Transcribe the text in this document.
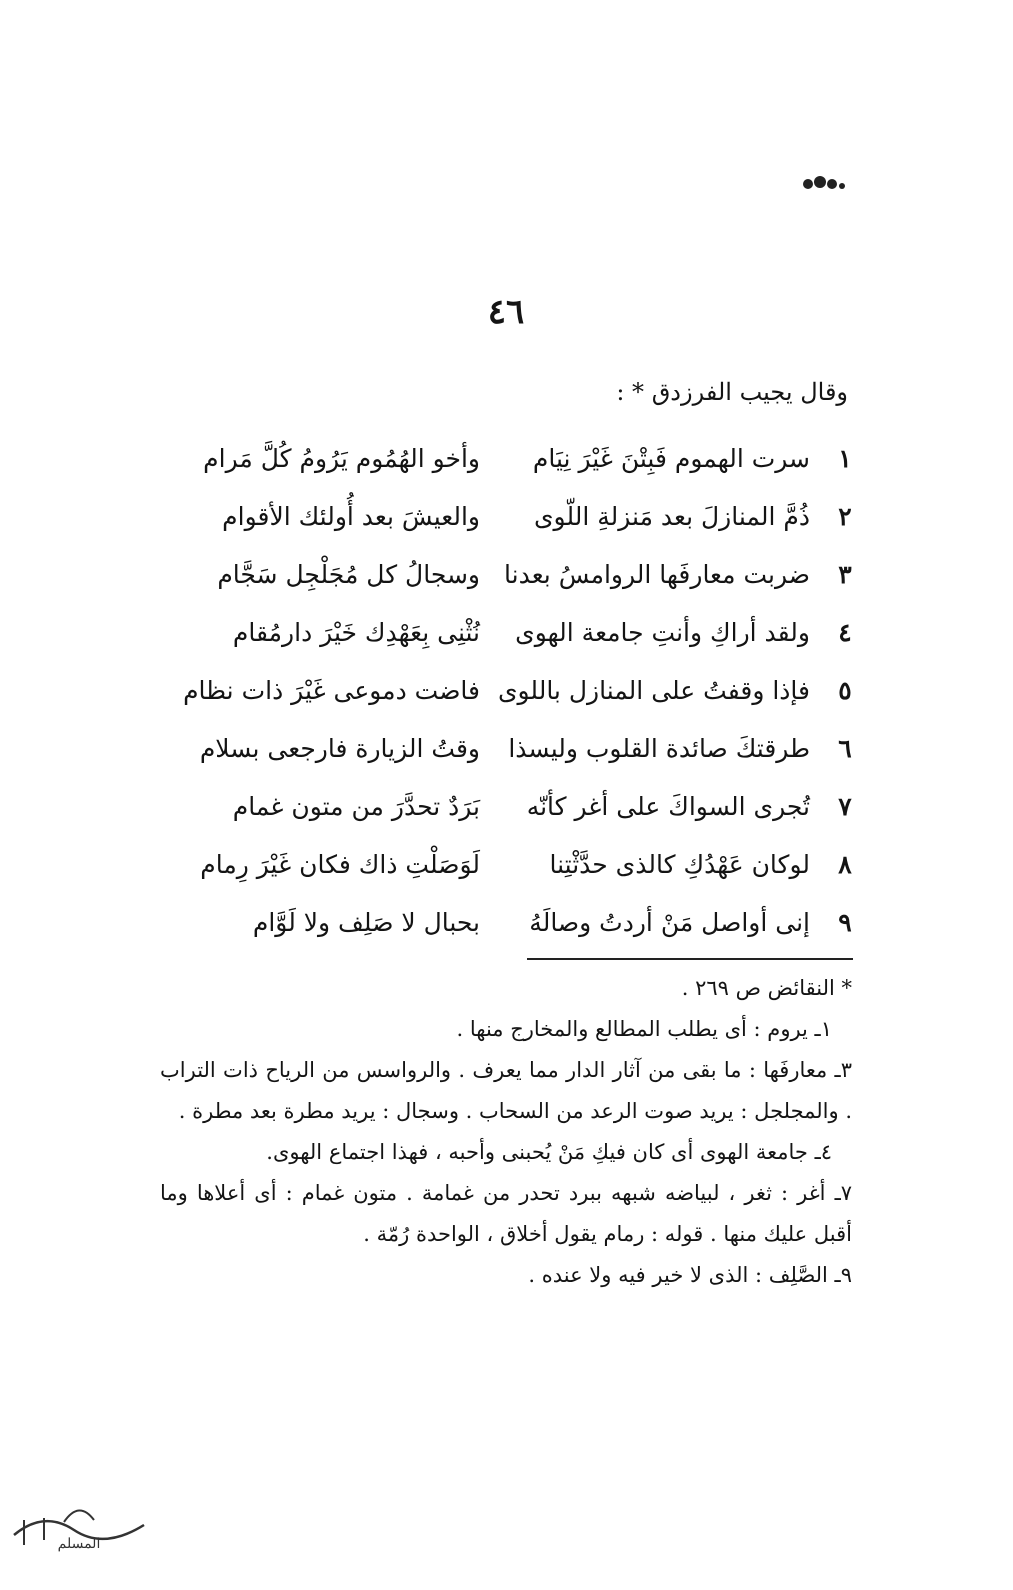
٤٦
وقال يجيب الفرزدق * :
١
سرت الهموم فَبِتْنَ غَيْرَ نِيَام
وأخو الهُمُوم يَرُومُ كُلَّ مَرام
٢
ذُمَّ المنازلَ بعد مَنزلةِ اللّوى
والعيشَ بعد أُولئك الأقوام
٣
ضربت معارفَها الروامسُ بعدنا
وسجالُ كل مُجَلْجِل سَجَّام
٤
ولقد أراكِ وأنتِ جامعة الهوى
نُثْنِى بِعَهْدِك خَيْرَ دارمُقام
٥
فإذا وقفتُ على المنازل باللوى
فاضت دموعى غَيْرَ ذات نظام
٦
طرقتكَ صائدة القلوب وليسذا
وقتُ الزيارة فارجعى بسلام
٧
تُجرى السواكَ على أغر كأنّه
بَرَدٌ تحدَّرَ من متون غمام
٨
لوكان عَهْدُكِ كالذى حدَّثْتِنا
لَوَصَلْتِ ذاك فكان غَيْرَ رِمام
٩
إنى أواصل مَنْ أردتُ وصالَهُ
بحبال لا صَلِف ولا لَوَّام

* النقائض ص ٢٦٩ .

١ـ يروم : أى يطلب المطالع والمخارج منها .

٣ـ معارفَها : ما بقى من آثار الدار مما يعرف . والرواسس من الرياح ذات التراب . والمجلجل : يريد صوت الرعد من السحاب . وسجال : يريد مطرة بعد مطرة .

٤ـ جامعة الهوى أى كان فيكِ مَنْ يُحبنى وأحبه ، فهذا اجتماع الهوى.

٧ـ أغر : ثغر ، لبياضه شبهه ببرد تحدر من غمامة . متون غمام : أى أعلاها وما أقبل عليك منها . قوله : رمام يقول أخلاق ، الواحدة رُمّة .

٩ـ الصَّلِف : الذى لا خير فيه ولا عنده .

المسلم
